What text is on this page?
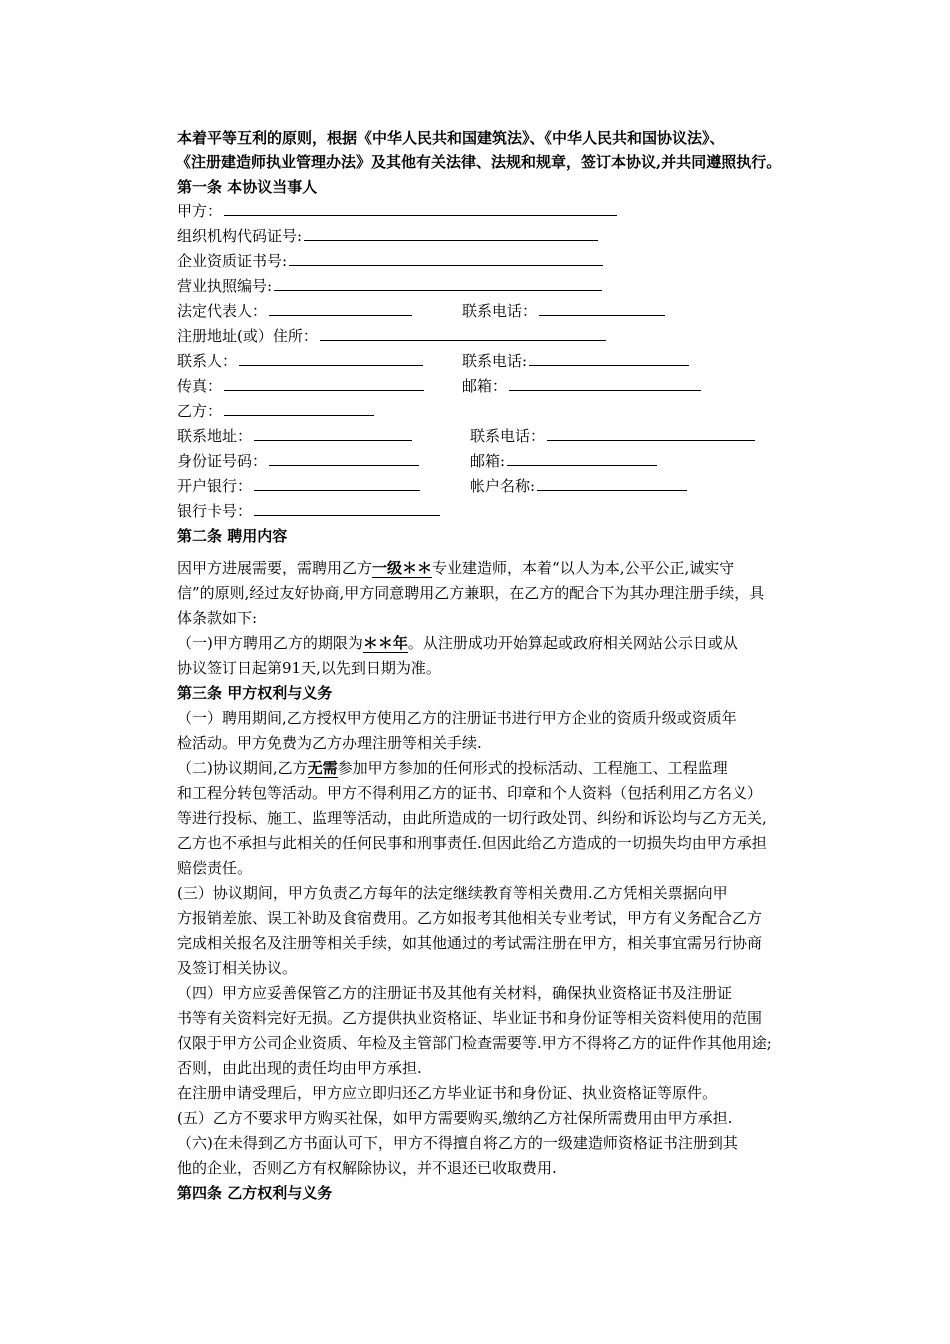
本着平等互利的原则，根据《中华人民共和国建筑法》、《中华人民共和国协议法》、
《注册建造师执业管理办法》及其他有关法律、法规和规章，签订本协议,并共同遵照执行。
第一条 本协议当事人
甲方：
组织机构代码证号:
企业资质证书号:
营业执照编号:
法定代表人：	联系电话：
注册地址(或）住所：
联系人：	联系电话:
传真：	邮箱：
乙方：
联系地址：	联系电话：
身份证号码：	邮箱:
开户银行：	帐户名称:
银行卡号：
第二条 聘用内容
因甲方进展需要，需聘用乙方一级＊＊专业建造师，本着“以人为本,公平公正,诚实守
信”的原则,经过友好协商,甲方同意聘用乙方兼职，在乙方的配合下为其办理注册手续，具
体条款如下:
（一)甲方聘用乙方的期限为＊＊年。从注册成功开始算起或政府相关网站公示日或从
协议签订日起第91天,以先到日期为准。
第三条 甲方权利与义务
（一）聘用期间,乙方授权甲方使用乙方的注册证书进行甲方企业的资质升级或资质年
检活动。甲方免费为乙方办理注册等相关手续.
（二)协议期间,乙方无需参加甲方参加的任何形式的投标活动、工程施工、工程监理
和工程分转包等活动。甲方不得利用乙方的证书、印章和个人资料（包括利用乙方名义）
等进行投标、施工、监理等活动，由此所造成的一切行政处罚、纠纷和诉讼均与乙方无关,
乙方也不承担与此相关的任何民事和刑事责任.但因此给乙方造成的一切损失均由甲方承担
赔偿责任。
(三）协议期间，甲方负责乙方每年的法定继续教育等相关费用.乙方凭相关票据向甲
方报销差旅、误工补助及食宿费用。乙方如报考其他相关专业考试，甲方有义务配合乙方
完成相关报名及注册等相关手续，如其他通过的考试需注册在甲方，相关事宜需另行协商
及签订相关协议。
（四）甲方应妥善保管乙方的注册证书及其他有关材料，确保执业资格证书及注册证
书等有关资料完好无损。乙方提供执业资格证、毕业证书和身份证等相关资料使用的范围
仅限于甲方公司企业资质、年检及主管部门检查需要等.甲方不得将乙方的证件作其他用途;
否则，由此出现的责任均由甲方承担.
在注册申请受理后，甲方应立即归还乙方毕业证书和身份证、执业资格证等原件。
(五）乙方不要求甲方购买社保，如甲方需要购买,缴纳乙方社保所需费用由甲方承担.
（六)在未得到乙方书面认可下，甲方不得擅自将乙方的一级建造师资格证书注册到其
他的企业，否则乙方有权解除协议，并不退还已收取费用.
第四条 乙方权利与义务
